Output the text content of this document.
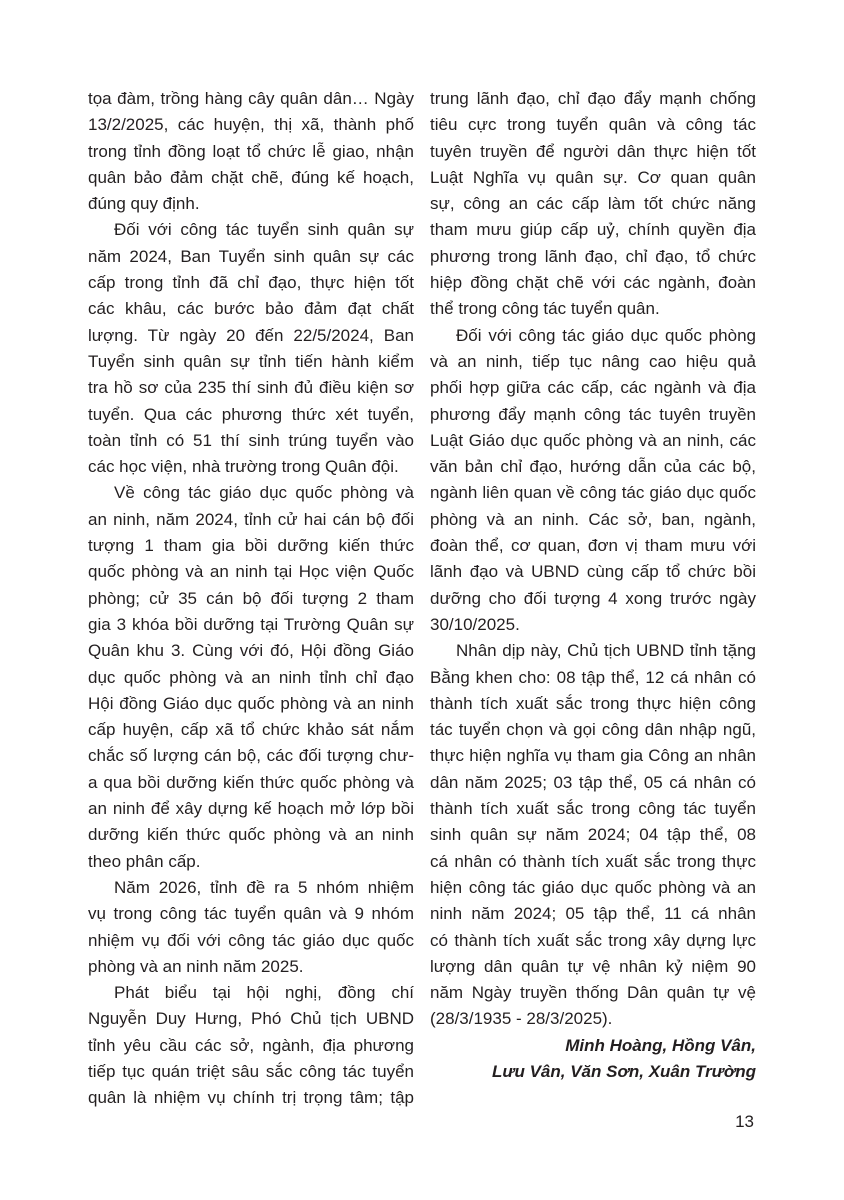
tọa đàm, trồng hàng cây quân dân… Ngày
13/2/2025, các huyện, thị xã, thành phố
trong tỉnh đồng loạt tổ chức lễ giao, nhận
quân bảo đảm chặt chẽ, đúng kế hoạch,
đúng quy định.
Đối với công tác tuyển sinh quân sự
năm 2024, Ban Tuyển sinh quân sự các
cấp trong tỉnh đã chỉ đạo, thực hiện tốt
các khâu, các bước bảo đảm đạt chất
lượng. Từ ngày 20 đến 22/5/2024, Ban
Tuyển sinh quân sự tỉnh tiến hành kiểm
tra hồ sơ của 235 thí sinh đủ điều kiện sơ
tuyển. Qua các phương thức xét tuyển,
toàn tỉnh có 51 thí sinh trúng tuyển vào
các học viện, nhà trường trong Quân đội.
Về công tác giáo dục quốc phòng và
an ninh, năm 2024, tỉnh cử hai cán bộ đối
tượng 1 tham gia bồi dưỡng kiến thức
quốc phòng và an ninh tại Học viện Quốc
phòng; cử 35 cán bộ đối tượng 2 tham
gia 3 khóa bồi dưỡng tại Trường Quân sự
Quân khu 3. Cùng với đó, Hội đồng Giáo
dục quốc phòng và an ninh tỉnh chỉ đạo
Hội đồng Giáo dục quốc phòng và an ninh
cấp huyện, cấp xã tổ chức khảo sát nắm
chắc số lượng cán bộ, các đối tượng chư-
a qua bồi dưỡng kiến thức quốc phòng và
an ninh để xây dựng kế hoạch mở lớp bồi
dưỡng kiến thức quốc phòng và an ninh
theo phân cấp.
Năm 2026, tỉnh đề ra 5 nhóm nhiệm
vụ trong công tác tuyển quân và 9 nhóm
nhiệm vụ đối với công tác giáo dục quốc
phòng và an ninh năm 2025.
Phát biểu tại hội nghị, đồng chí
Nguyễn Duy Hưng, Phó Chủ tịch UBND
tỉnh yêu cầu các sở, ngành, địa phương
tiếp tục quán triệt sâu sắc công tác tuyển
quân là nhiệm vụ chính trị trọng tâm; tập
trung lãnh đạo, chỉ đạo đẩy mạnh chống
tiêu cực trong tuyển quân và công tác
tuyên truyền để người dân thực hiện tốt
Luật Nghĩa vụ quân sự. Cơ quan quân
sự, công an các cấp làm tốt chức năng
tham mưu giúp cấp uỷ, chính quyền địa
phương trong lãnh đạo, chỉ đạo, tổ chức
hiệp đồng chặt chẽ với các ngành, đoàn
thể trong công tác tuyển quân.
Đối với công tác giáo dục quốc phòng
và an ninh, tiếp tục nâng cao hiệu quả
phối hợp giữa các cấp, các ngành và địa
phương đẩy mạnh công tác tuyên truyền
Luật Giáo dục quốc phòng và an ninh, các
văn bản chỉ đạo, hướng dẫn của các bộ,
ngành liên quan về công tác giáo dục quốc
phòng và an ninh. Các sở, ban, ngành,
đoàn thể, cơ quan, đơn vị tham mưu với
lãnh đạo và UBND cùng cấp tổ chức bồi
dưỡng cho đối tượng 4 xong trước ngày
30/10/2025.
Nhân dịp này, Chủ tịch UBND tỉnh tặng
Bằng khen cho: 08 tập thể, 12 cá nhân có
thành tích xuất sắc trong thực hiện công
tác tuyển chọn và gọi công dân nhập ngũ,
thực hiện nghĩa vụ tham gia Công an nhân
dân năm 2025; 03 tập thể, 05 cá nhân có
thành tích xuất sắc trong công tác tuyển
sinh quân sự năm 2024; 04 tập thể, 08
cá nhân có thành tích xuất sắc trong thực
hiện công tác giáo dục quốc phòng và an
ninh năm 2024; 05 tập thể, 11 cá nhân
có thành tích xuất sắc trong xây dựng lực
lượng dân quân tự vệ nhân kỷ niệm 90
năm Ngày truyền thống Dân quân tự vệ
(28/3/1935 - 28/3/2025).
Minh Hoàng, Hồng Vân,
Lưu Vân, Văn Sơn, Xuân Trường
13
